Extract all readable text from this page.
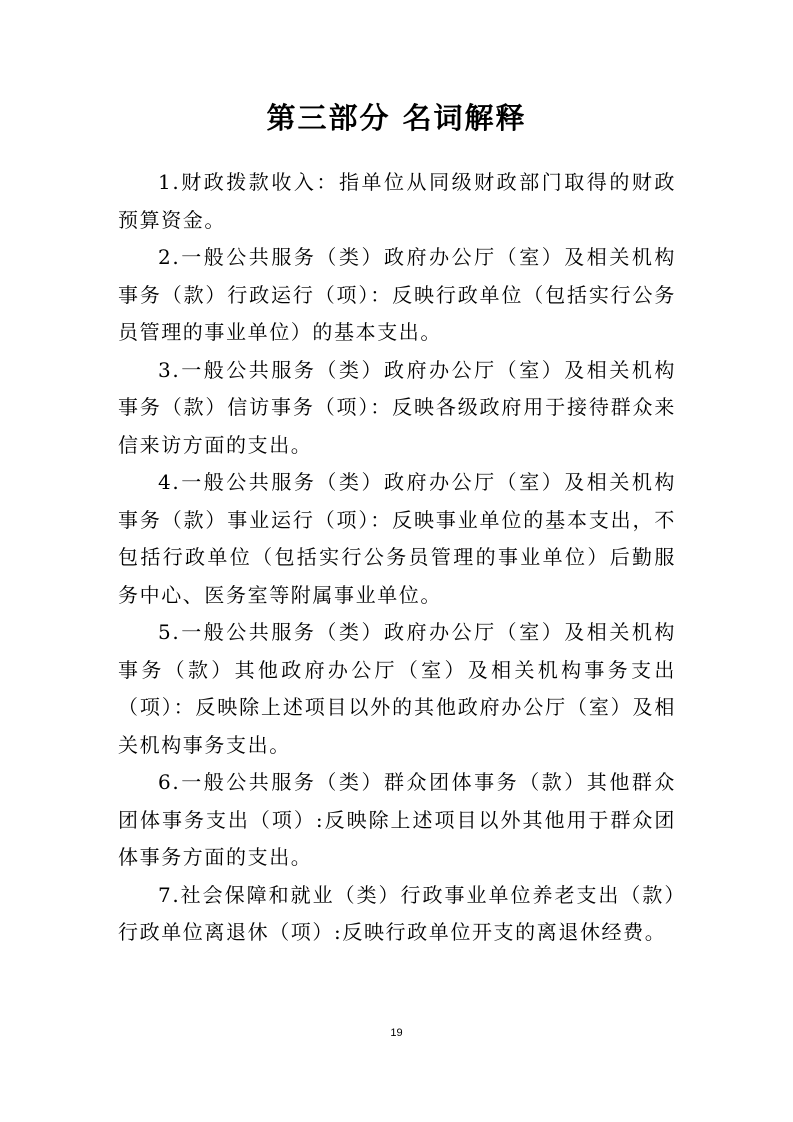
第三部分 名词解释

1.财政拨款收入：指单位从同级财政部门取得的财政预算资金。

2.一般公共服务（类）政府办公厅（室）及相关机构事务（款）行政运行（项）：反映行政单位（包括实行公务员管理的事业单位）的基本支出。

3.一般公共服务（类）政府办公厅（室）及相关机构事务（款）信访事务（项）：反映各级政府用于接待群众来信来访方面的支出。

4.一般公共服务（类）政府办公厅（室）及相关机构事务（款）事业运行（项）：反映事业单位的基本支出，不包括行政单位（包括实行公务员管理的事业单位）后勤服务中心、医务室等附属事业单位。

5.一般公共服务（类）政府办公厅（室）及相关机构事务（款）其他政府办公厅（室）及相关机构事务支出（项）：反映除上述项目以外的其他政府办公厅（室）及相关机构事务支出。

6.一般公共服务（类）群众团体事务（款）其他群众团体事务支出（项）:反映除上述项目以外其他用于群众团体事务方面的支出。

7.社会保障和就业（类）行政事业单位养老支出（款）行政单位离退休（项）:反映行政单位开支的离退休经费。

19
